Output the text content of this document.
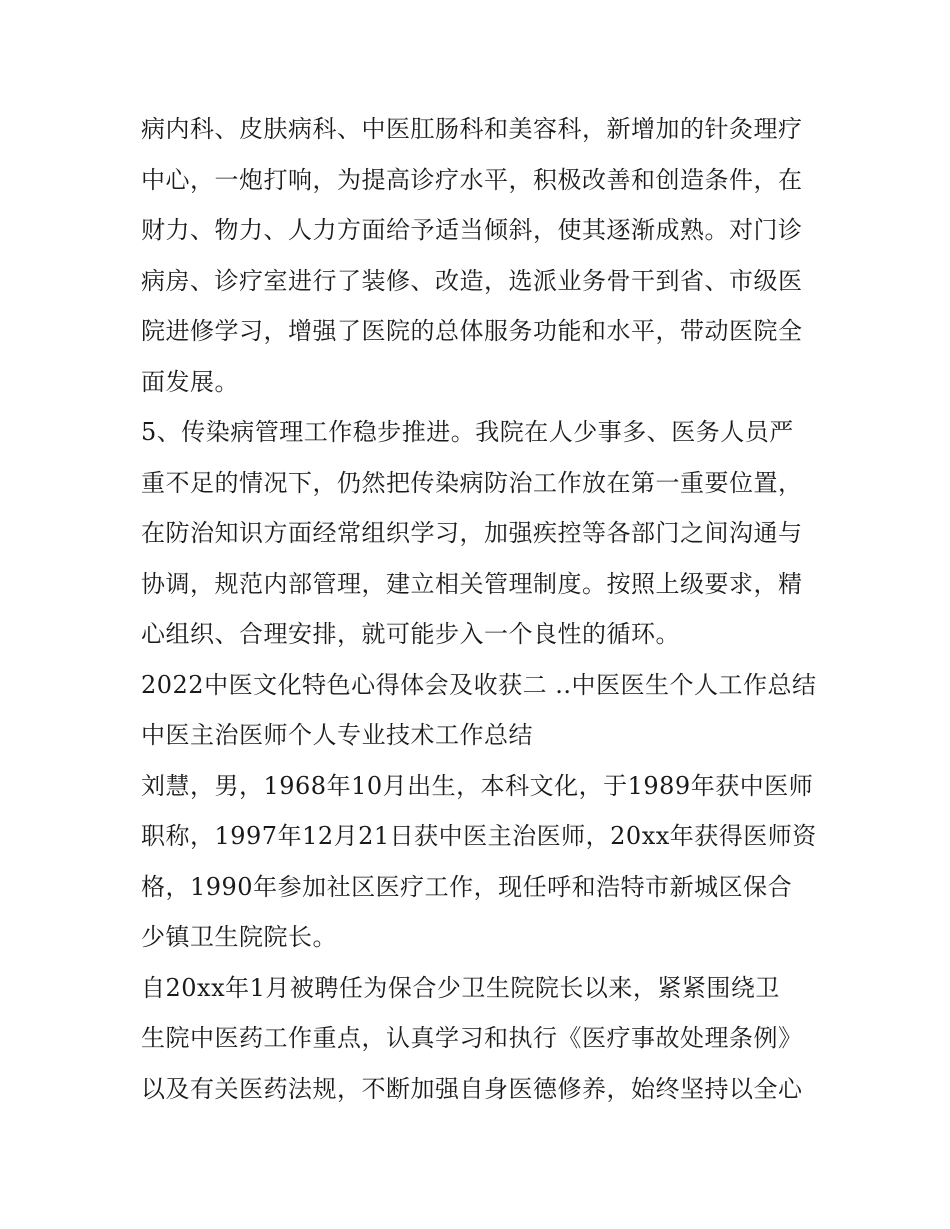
病内科、皮肤病科、中医肛肠科和美容科，新增加的针灸理疗
中心，一炮打响，为提高诊疗水平，积极改善和创造条件，在
财力、物力、人力方面给予适当倾斜，使其逐渐成熟。对门诊
病房、诊疗室进行了装修、改造，选派业务骨干到省、市级医
院进修学习，增强了医院的总体服务功能和水平，带动医院全
面发展。
5、传染病管理工作稳步推进。我院在人少事多、医务人员严
重不足的情况下，仍然把传染病防治工作放在第一重要位置，
在防治知识方面经常组织学习，加强疾控等各部门之间沟通与
协调，规范内部管理，建立相关管理制度。按照上级要求，精
心组织、合理安排，就可能步入一个良性的循环。
2022中医文化特色心得体会及收获二 ..中医医生个人工作总结
中医主治医师个人专业技术工作总结
刘慧，男，1968年10月出生，本科文化，于1989年获中医师
职称，1997年12月21日获中医主治医师，20xx年获得医师资
格，1990年参加社区医疗工作，现任呼和浩特市新城区保合
少镇卫生院院长。
自20xx年1月被聘任为保合少卫生院院长以来，紧紧围绕卫
生院中医药工作重点，认真学习和执行《医疗事故处理条例》
以及有关医药法规，不断加强自身医德修养，始终坚持以全心
